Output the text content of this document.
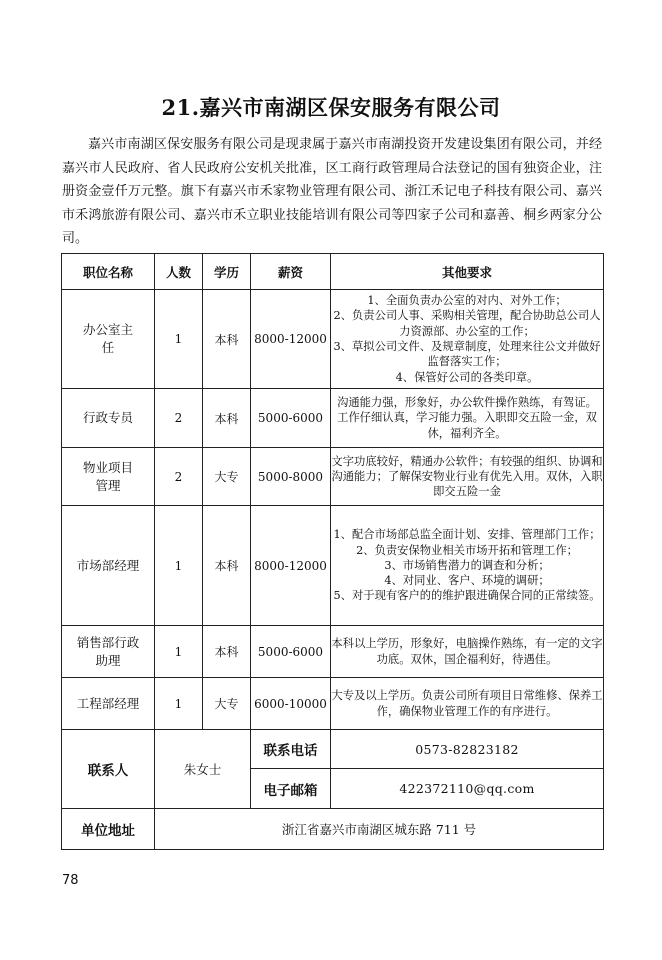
21.嘉兴市南湖区保安服务有限公司

嘉兴市南湖区保安服务有限公司是现隶属于嘉兴市南湖投资开发建设集团有限公司，并经嘉兴市人民政府、省人民政府公安机关批准，区工商行政管理局合法登记的国有独资企业，注册资金壹仟万元整。旗下有嘉兴市禾家物业管理有限公司、浙江禾记电子科技有限公司、嘉兴市禾鸿旅游有限公司、嘉兴市禾立职业技能培训有限公司等四家子公司和嘉善、桐乡两家分公司。

职位名称	人数	学历	薪资	其他要求

办公室主任	1	本科	8000-12000	1、全面负责办公室的对内、对外工作；
2、负责公司人事、采购相关管理，配合协助总公司人力资源部、办公室的工作；
3、草拟公司文件、及规章制度，处理来往公文并做好监督落实工作；
4、保管好公司的各类印章。

行政专员	2	本科	5000-6000	沟通能力强，形象好，办公软件操作熟练，有驾证。 工作仔细认真，学习能力强。入职即交五险一金，双休，福利齐全。

物业项目管理	2	大专	5000-8000	文字功底较好，精通办公软件；有较强的组织、协调和沟通能力；了解保安物业行业有优先入用。双休，入职即交五险一金

市场部经理	1	本科	8000-12000	1、配合市场部总监全面计划、安排、管理部门工作；
2、负责安保物业相关市场开拓和管理工作；
3、市场销售潜力的调查和分析；
4、对同业、客户、环境的调研；
5、对于现有客户的的维护跟进确保合同的正常续签。

销售部行政助理	1	本科	5000-6000	本科以上学历，形象好，电脑操作熟练，有一定的文字功底。双休，国企福利好，待遇佳。

工程部经理	1	大专	6000-10000	大专及以上学历。负责公司所有项目日常维修、保养工作，确保物业管理工作的有序进行。

联系人	朱女士		联系电话	0573-82823182
			电子邮箱	422372110@qq.com
单位地址	浙江省嘉兴市南湖区城东路 711 号			
78
